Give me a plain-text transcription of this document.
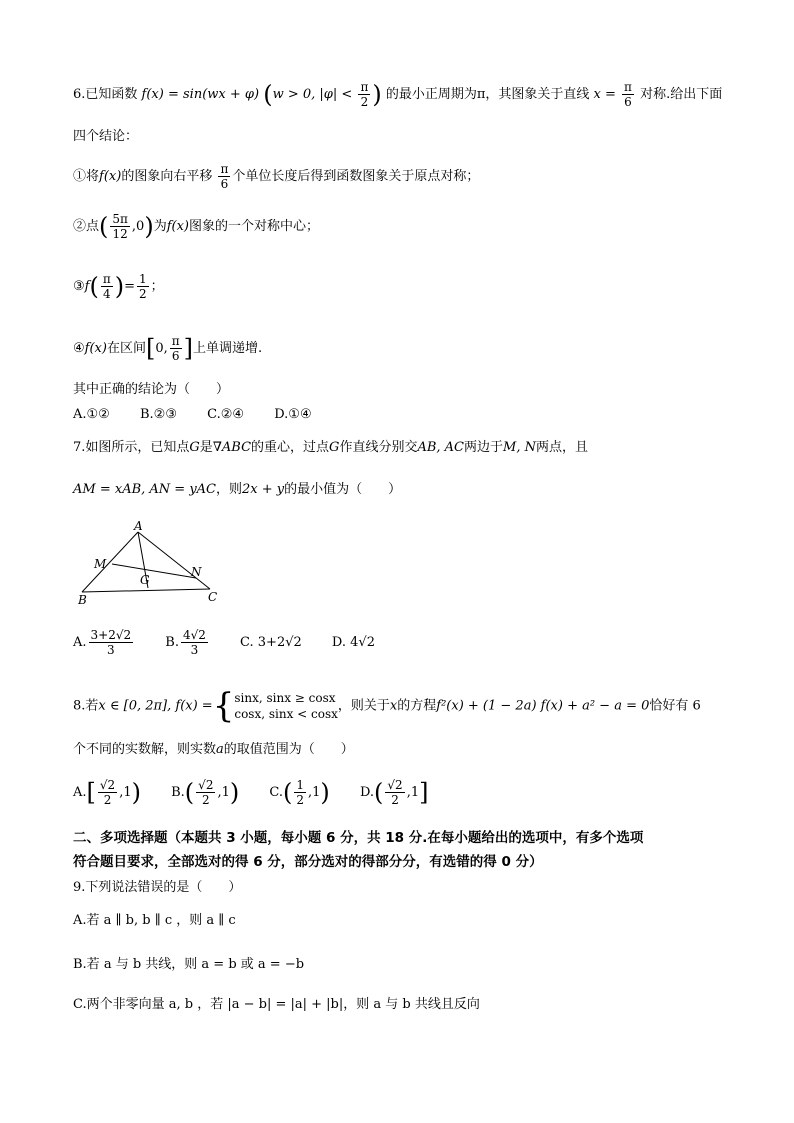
6.已知函数 f(x) = sin(wx + φ) (w > 0, $|\varphi| < \frac{\pi}{2}$ ) 的最小正周期为π，其图象关于直线 $x = \frac{\pi}{6}$ 对称.给出下面
四个结论：
①将f(x)的图象向右平移 $\frac{\pi}{6}$ 个单位长度后得到函数图象关于原点对称；
②点( $\frac{5\pi}{12} ,0$)为f(x)图象的一个对称中心；
③f( $\frac{\pi}{4}$ )= $\frac{1}{2}$ ；
④f(x)在区间[0, $\frac{\pi}{6}$ ]上单调递增.
其中正确的结论为（　　）
A.①② B.②③ C.②④ D.①④
7.如图所示，已知点G是∇ABC的重心，过点G作直线分别交AB, AC两边于M, N两点，且
AM = xAB, AN = yAC，则2x + y的最小值为（　　）
A
B	C
M
N
G
A. $\frac{3+2√2}{3} B$. $\frac{4√2}{3} C$. 3+2√2 D. 4√2
8.若x ∈ [0, 2π], f(x) ={ sinx, sinx ≥ cosx
cosx, sinx < cosx
，则关于x的方程f²(x) + (1 − 2a) f(x) + a² − a = 0恰好有 6
个不同的实数解，则实数a的取值范围为（　　）
$A.[ \frac{√2}{2} ,1)$ $B.( \frac{√2}{2} ,1)$ $C.( \frac{1}{2} ,1)$ $D.( \frac{√2}{2} ,1]$
二、多项选择题（本题共 3 小题，每小题 6 分，共 18 分.在每小题给出的选项中，有多个选项
符合题目要求，全部选对的得 6 分，部分选对的得部分分，有选错的得 0 分）
9.下列说法错误的是（　　）
A.若 a ∥ b, b ∥ c ，则 a ∥ c
B.若 a 与 b 共线，则 a = b 或 a = −b
C.两个非零向量 a, b ，若 |a − b| = |a| + |b|，则 a 与 b 共线且反向
